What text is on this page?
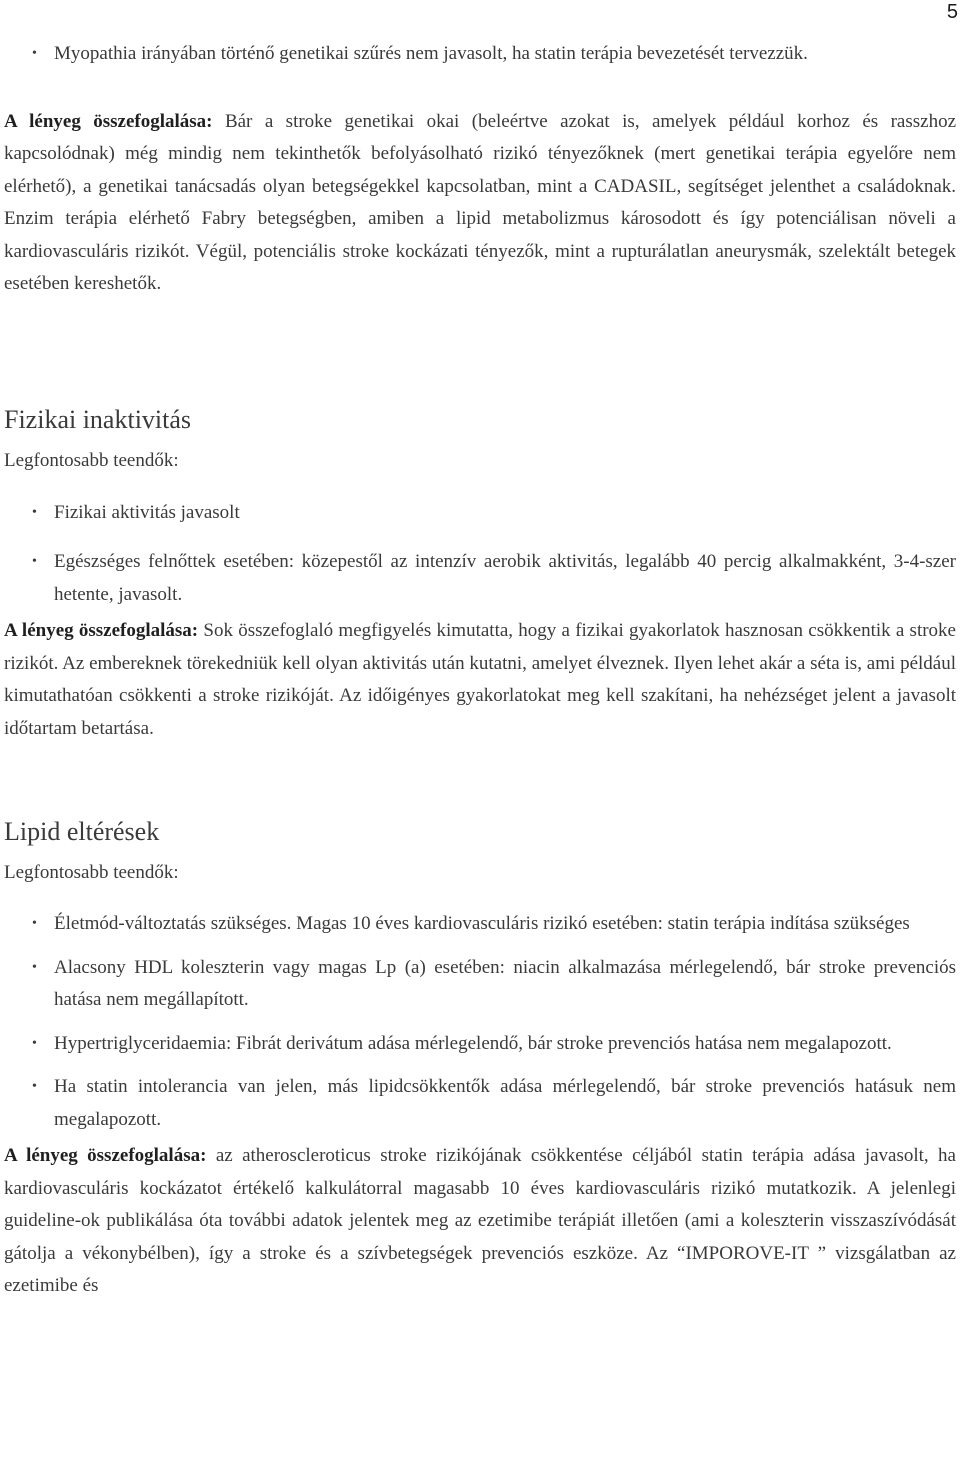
5
• Myopathia irányában történő genetikai szűrés nem javasolt, ha statin terápia bevezetését tervezzük.

A lényeg összefoglalása: Bár a stroke genetikai okai (beleértve azokat is, amelyek például korhoz és rasszhoz kapcsolódnak) még mindig nem tekinthetők befolyásolható rizikó tényezőknek (mert genetikai terápia egyelőre nem elérhető), a genetikai tanácsadás olyan betegségekkel kapcsolatban, mint a CADASIL, segítséget jelenthet a családoknak. Enzim terápia elérhető Fabry betegségben, amiben a lipid metabolizmus károsodott és így potenciálisan növeli a kardiovasculáris rizikót. Végül, potenciális stroke kockázati tényezők, mint a rupturálatlan aneurysmák, szelektált betegek esetében kereshetők.

Fizikai inaktivitás
Legfontosabb teendők:
• Fizikai aktivitás javasolt
• Egészséges felnőttek esetében: közepestől az intenzív aerobik aktivitás, legalább 40 percig alkalmakként, 3-4-szer hetente, javasolt.

A lényeg összefoglalása: Sok összefoglaló megfigyelés kimutatta, hogy a fizikai gyakorlatok hasznosan csökkentik a stroke rizikót. Az embereknek törekedniük kell olyan aktivitás után kutatni, amelyet élveznek. Ilyen lehet akár a séta is, ami például kimutathatóan csökkenti a stroke rizikóját. Az időigényes gyakorlatokat meg kell szakítani, ha nehézséget jelent a javasolt időtartam betartása.

Lipid eltérések
Legfontosabb teendők:
• Életmód-változtatás szükséges. Magas 10 éves kardiovasculáris rizikó esetében: statin terápia indítása szükséges
• Alacsony HDL koleszterin vagy magas Lp (a) esetében: niacin alkalmazása mérlegelendő, bár stroke prevenciós hatása nem megállapított.
• Hypertriglyceridaemia: Fibrát derivátum adása mérlegelendő, bár stroke prevenciós hatása nem megalapozott.
• Ha statin intolerancia van jelen, más lipidcsökkentők adása mérlegelendő, bár stroke prevenciós hatásuk nem megalapozott.

A lényeg összefoglalása: az atheroscleroticus stroke rizikójának csökkentése céljából statin terápia adása javasolt, ha kardiovasculáris kockázatot értékelő kalkulátorral magasabb 10 éves kardiovasculáris rizikó mutatkozik. A jelenlegi guideline-ok publikálása óta további adatok jelentek meg az ezetimibe terápiát illetően (ami a koleszterin visszaszívódását gátolja a vékonybélben), így a stroke és a szívbetegségek prevenciós eszköze. Az “IMPOROVE-IT ” vizsgálatban az ezetimibe és
